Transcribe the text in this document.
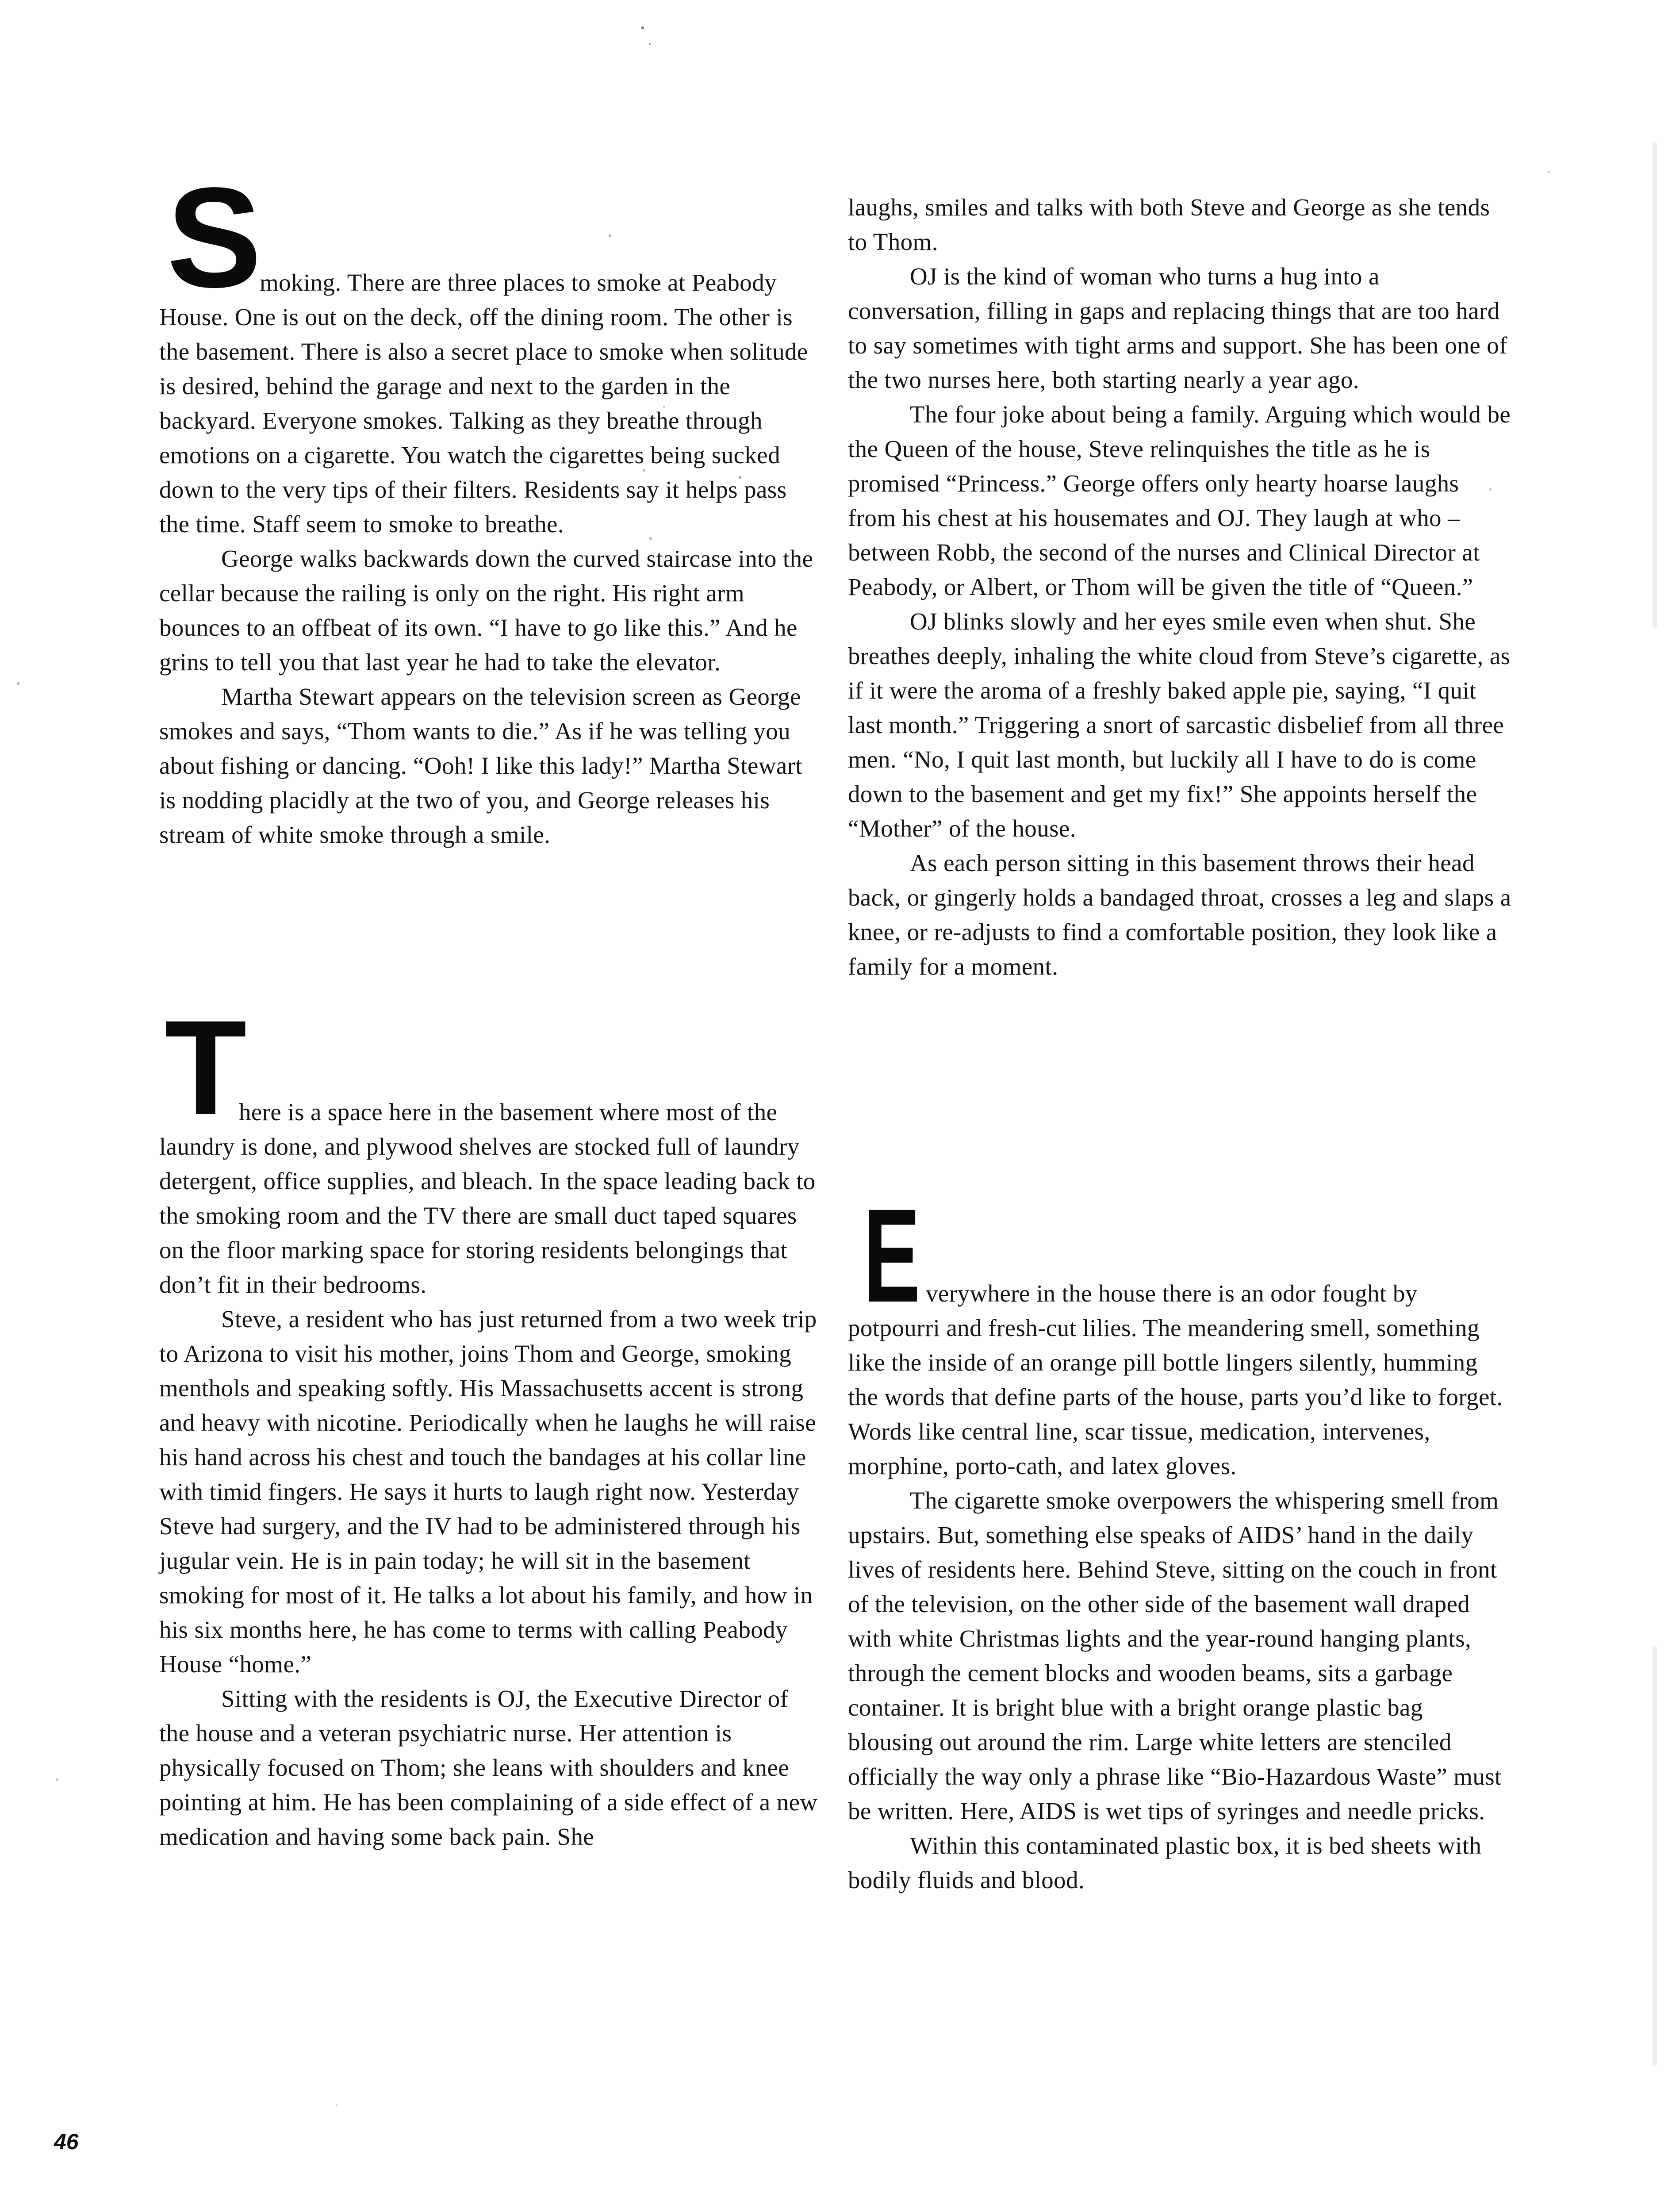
S
T
E

moking. There are three places to smoke at Peabody House. One is out on the deck, off the dining room. The other is the basement. There is also a secret place to smoke when solitude is desired, behind the garage and next to the garden in the backyard. Everyone smokes. Talking as they breathe through emotions on a cigarette. You watch the cigarettes being sucked down to the very tips of their filters. Residents say it helps pass the time. Staff seem to smoke to breathe.

George walks backwards down the curved staircase into the cellar because the railing is only on the right. His right arm bounces to an offbeat of its own. “I have to go like this.” And he grins to tell you that last year he had to take the elevator.

Martha Stewart appears on the television screen as George smokes and says, “Thom wants to die.” As if he was telling you about fishing or dancing. “Ooh! I like this lady!” Martha Stewart is nodding placidly at the two of you, and George releases his stream of white smoke through a smile.

here is a space here in the basement where most of the laundry is done, and plywood shelves are stocked full of laundry detergent, office supplies, and bleach. In the space leading back to the smoking room and the TV there are small duct taped squares on the floor marking space for storing residents belongings that don’t fit in their bedrooms.

Steve, a resident who has just returned from a two week trip to Arizona to visit his mother, joins Thom and George, smoking menthols and speaking softly. His Massachusetts accent is strong and heavy with nicotine. Periodically when he laughs he will raise his hand across his chest and touch the bandages at his collar line with timid fingers. He says it hurts to laugh right now. Yesterday Steve had surgery, and the IV had to be administered through his jugular vein. He is in pain today; he will sit in the basement smoking for most of it. He talks a lot about his family, and how in his six months here, he has come to terms with calling Peabody House “home.”

Sitting with the residents is OJ, the Executive Director of the house and a veteran psychiatric nurse. Her attention is physically focused on Thom; she leans with shoulders and knee pointing at him. He has been complaining of a side effect of a new medication and having some back pain. She

laughs, smiles and talks with both Steve and George as she tends to Thom.

OJ is the kind of woman who turns a hug into a conversation, filling in gaps and replacing things that are too hard to say sometimes with tight arms and support. She has been one of the two nurses here, both starting nearly a year ago.

The four joke about being a family. Arguing which would be the Queen of the house, Steve relinquishes the title as he is promised “Princess.” George offers only hearty hoarse laughs from his chest at his housemates and OJ. They laugh at who – between Robb, the second of the nurses and Clinical Director at Peabody, or Albert, or Thom will be given the title of “Queen.”

OJ blinks slowly and her eyes smile even when shut. She breathes deeply, inhaling the white cloud from Steve’s cigarette, as if it were the aroma of a freshly baked apple pie, saying, “I quit last month.” Triggering a snort of sarcastic disbelief from all three men. “No, I quit last month, but luckily all I have to do is come down to the basement and get my fix!” She appoints herself the “Mother” of the house.

As each person sitting in this basement throws their head back, or gingerly holds a bandaged throat, crosses a leg and slaps a knee, or re-adjusts to find a comfortable position, they look like a family for a moment.

verywhere in the house there is an odor fought by potpourri and fresh-cut lilies. The meandering smell, something like the inside of an orange pill bottle lingers silently, humming the words that define parts of the house, parts you’d like to forget. Words like central line, scar tissue, medication, intervenes, morphine, porto-cath, and latex gloves.

The cigarette smoke overpowers the whispering smell from upstairs. But, something else speaks of AIDS’ hand in the daily lives of residents here. Behind Steve, sitting on the couch in front of the television, on the other side of the basement wall draped with white Christmas lights and the year-round hanging plants, through the cement blocks and wooden beams, sits a garbage container. It is bright blue with a bright orange plastic bag blousing out around the rim. Large white letters are stenciled officially the way only a phrase like “Bio-Hazardous Waste” must be written. Here, AIDS is wet tips of syringes and needle pricks.

Within this contaminated plastic box, it is bed sheets with bodily fluids and blood.

46
